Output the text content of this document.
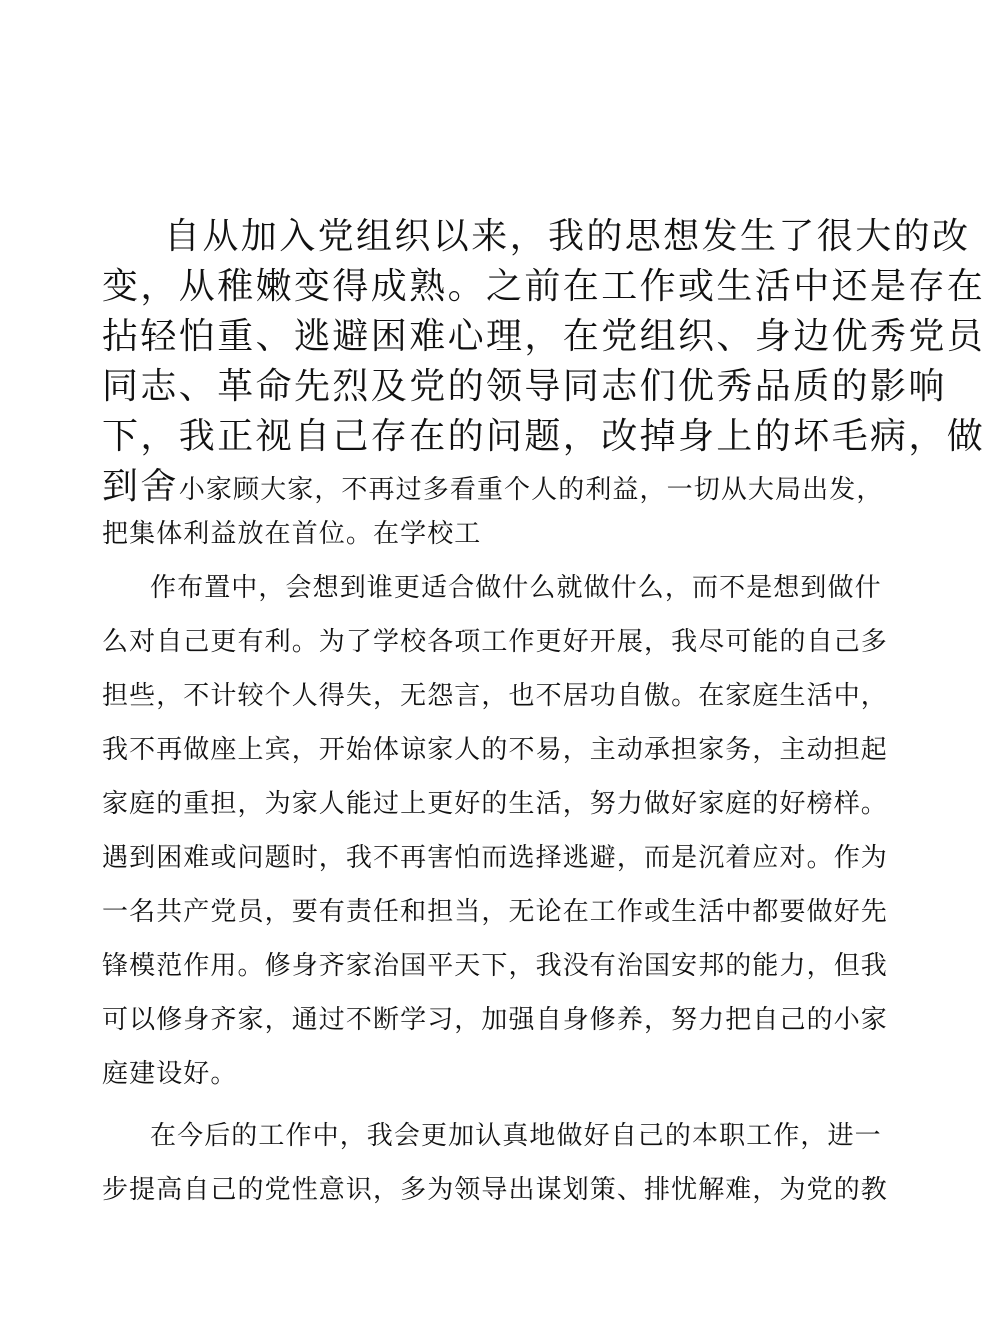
自从加入党组织以来，我的思想发生了很大的改
变，从稚嫩变得成熟。之前在工作或生活中还是存在
拈轻怕重、逃避困难心理，在党组织、身边优秀党员
同志、革命先烈及党的领导同志们优秀品质的影响
下，我正视自己存在的问题，改掉身上的坏毛病，做
到舍小家顾大家，不再过多看重个人的利益，一切从大局出发，
把集体利益放在首位。在学校工
作布置中，会想到谁更适合做什么就做什么，而不是想到做什
么对自己更有利。为了学校各项工作更好开展，我尽可能的自己多
担些，不计较个人得失，无怨言，也不居功自傲。在家庭生活中，
我不再做座上宾，开始体谅家人的不易，主动承担家务，主动担起
家庭的重担，为家人能过上更好的生活，努力做好家庭的好榜样。
遇到困难或问题时，我不再害怕而选择逃避，而是沉着应对。作为
一名共产党员，要有责任和担当，无论在工作或生活中都要做好先
锋模范作用。修身齐家治国平天下，我没有治国安邦的能力，但我
可以修身齐家，通过不断学习，加强自身修养，努力把自己的小家
庭建设好。
在今后的工作中，我会更加认真地做好自己的本职工作，进一
步提高自己的党性意识，多为领导出谋划策、排忧解难，为党的教
